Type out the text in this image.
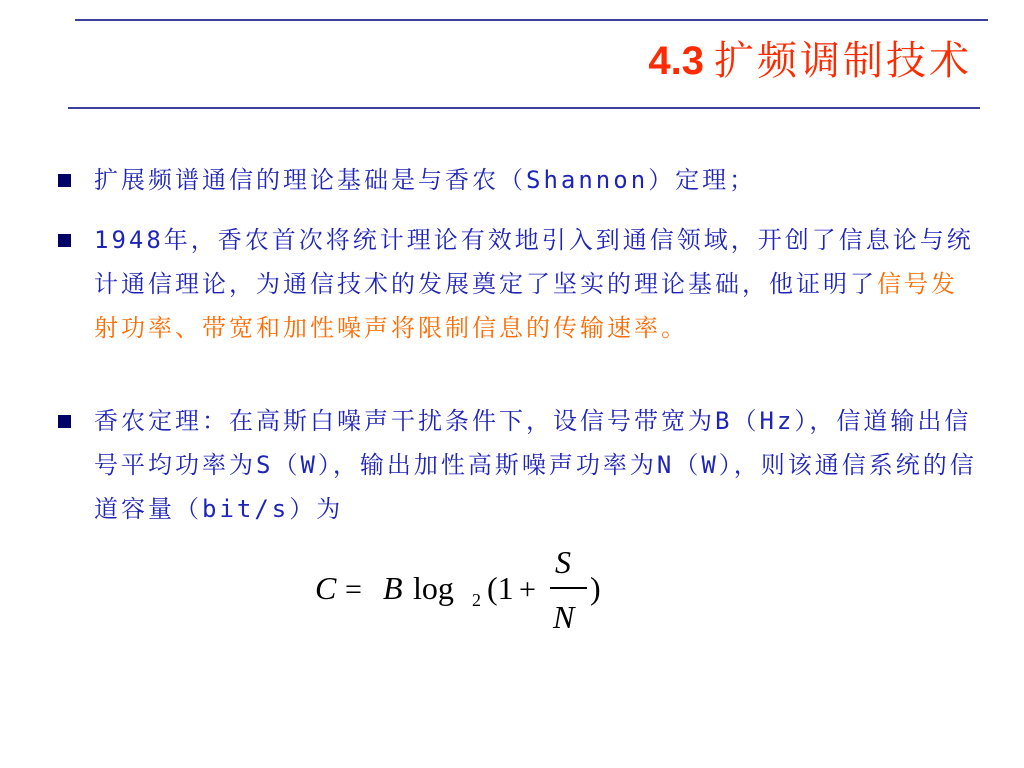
4.3 扩频调制技术
扩展频谱通信的理论基础是与香农（Shannon）定理；
1948年，香农首次将统计理论有效地引入到通信领域，开创了信息论与统计通信理论，为通信技术的发展奠定了坚实的理论基础，他证明了信号发射功率、带宽和加性噪声将限制信息的传输速率。
香农定理：在高斯白噪声干扰条件下，设信号带宽为B（Hz），信道输出信号平均功率为S（W），输出加性高斯噪声功率为N（W），则该通信系统的信道容量（bit/s）为
C = B log 2 (1 +
S
N
)
